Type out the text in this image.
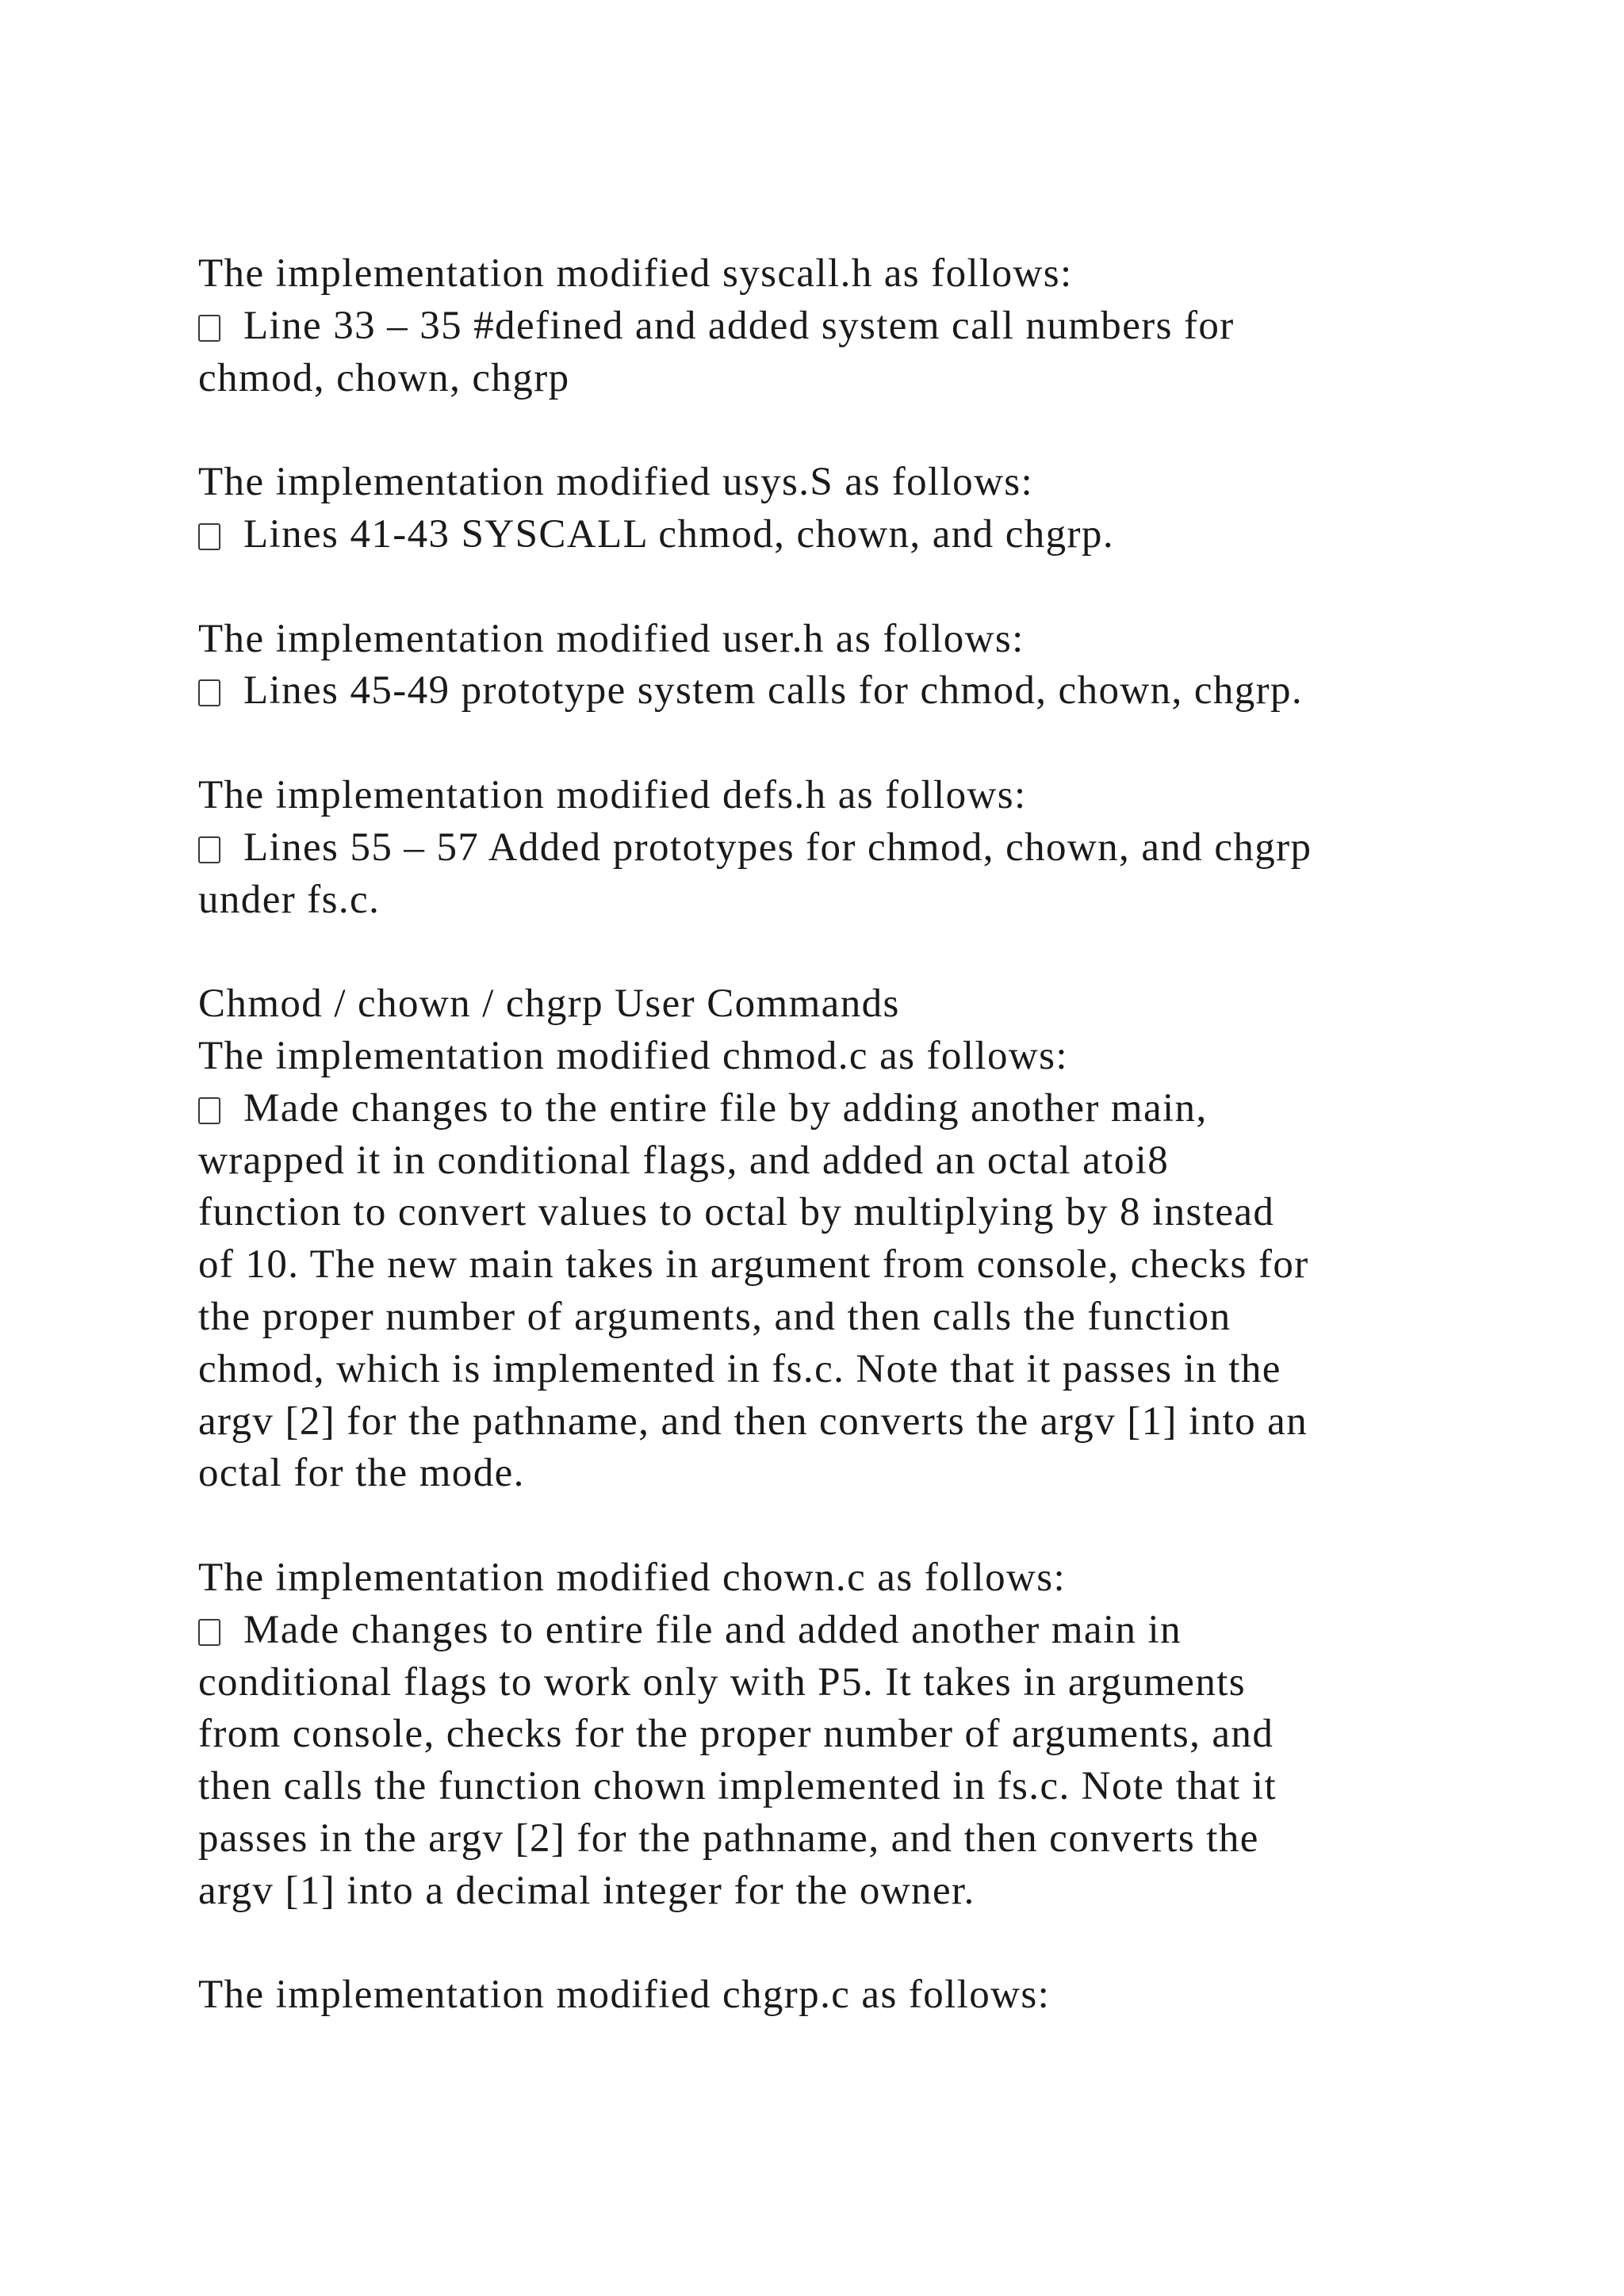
The implementation modified syscall.h as follows:
Line 33 – 35 #defined and added system call numbers for
chmod, chown, chgrp
The implementation modified usys.S as follows:
Lines 41-43 SYSCALL chmod, chown, and chgrp.
The implementation modified user.h as follows:
Lines 45-49 prototype system calls for chmod, chown, chgrp.
The implementation modified defs.h as follows:
Lines 55 – 57 Added prototypes for chmod, chown, and chgrp
under fs.c.
Chmod / chown / chgrp User Commands
The implementation modified chmod.c as follows:
Made changes to the entire file by adding another main,
wrapped it in conditional flags, and added an octal atoi8
function to convert values to octal by multiplying by 8 instead
of 10. The new main takes in argument from console, checks for
the proper number of arguments, and then calls the function
chmod, which is implemented in fs.c. Note that it passes in the
argv [2] for the pathname, and then converts the argv [1] into an
octal for the mode.
The implementation modified chown.c as follows:
Made changes to entire file and added another main in
conditional flags to work only with P5. It takes in arguments
from console, checks for the proper number of arguments, and
then calls the function chown implemented in fs.c. Note that it
passes in the argv [2] for the pathname, and then converts the
argv [1] into a decimal integer for the owner.
The implementation modified chgrp.c as follows:
